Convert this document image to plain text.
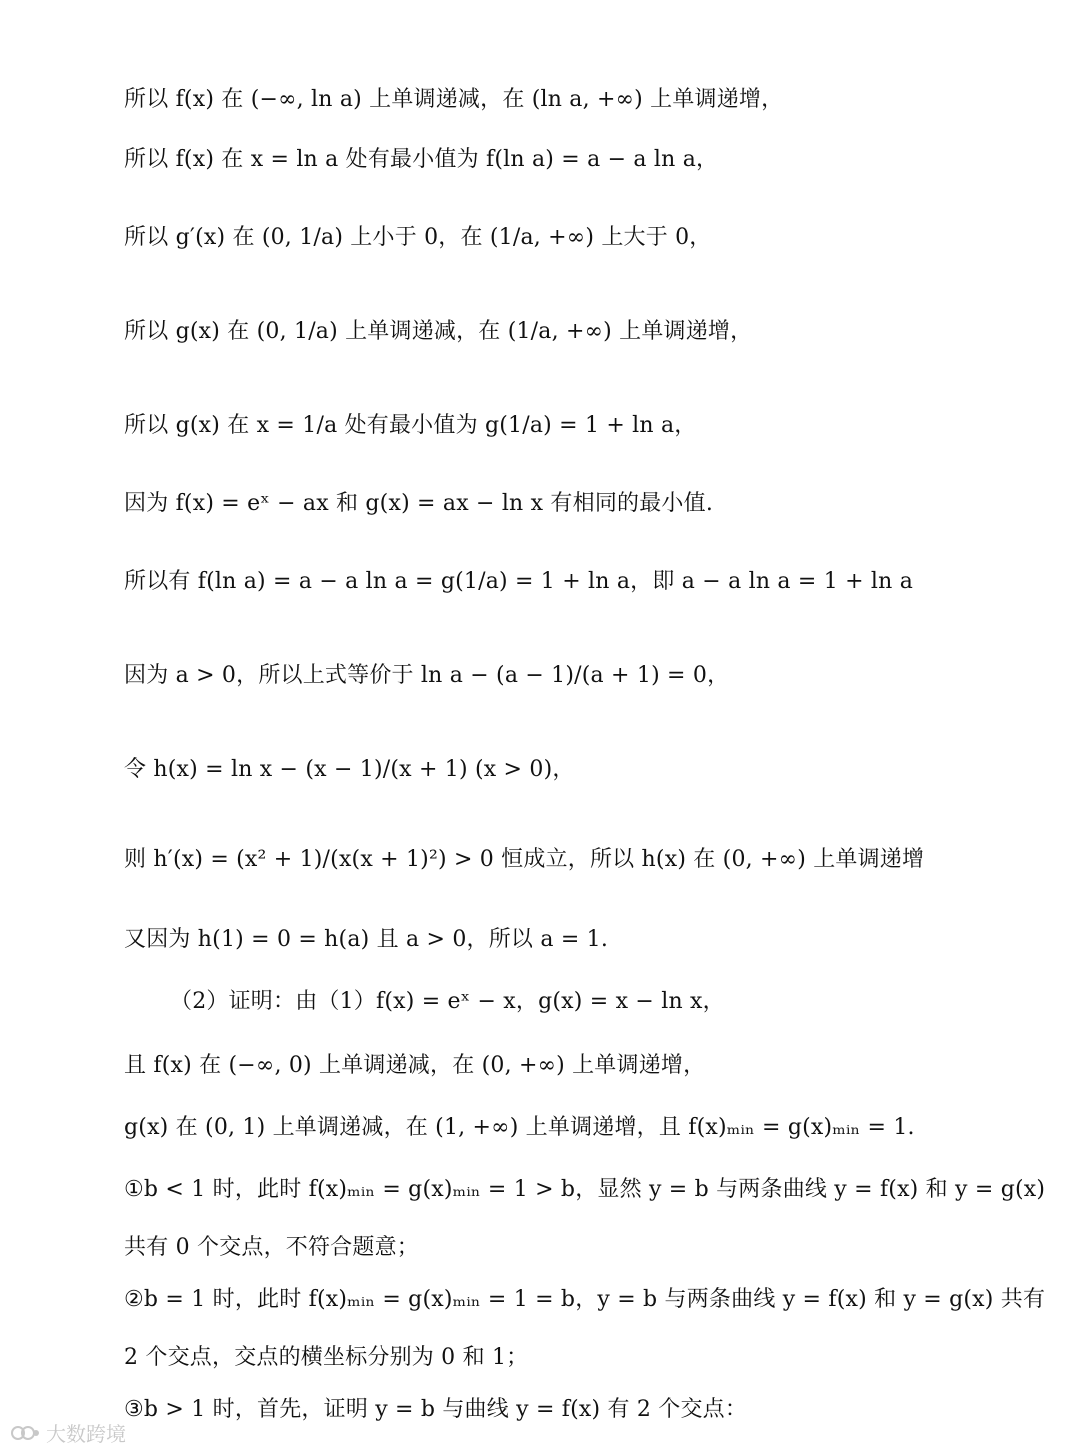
所以 f(x) 在 (−∞, ln a) 上单调递减，在 (ln a, +∞) 上单调递增，
所以 f(x) 在 x = ln a 处有最小值为 f(ln a) = a − a ln a，
所以 g′(x) 在 (0, 1/a) 上小于 0，在 (1/a, +∞) 上大于 0，
所以 g(x) 在 (0, 1/a) 上单调递减，在 (1/a, +∞) 上单调递增，
所以 g(x) 在 x = 1/a 处有最小值为 g(1/a) = 1 + ln a，
因为 f(x) = eˣ − ax 和 g(x) = ax − ln x 有相同的最小值.
所以有 f(ln a) = a − a ln a = g(1/a) = 1 + ln a，即 a − a ln a = 1 + ln a
因为 a > 0，所以上式等价于 ln a − (a − 1)/(a + 1) = 0，
令 h(x) = ln x − (x − 1)/(x + 1) (x > 0)，
则 h′(x) = (x² + 1)/(x(x + 1)²) > 0 恒成立，所以 h(x) 在 (0, +∞) 上单调递增
又因为 h(1) = 0 = h(a) 且 a > 0，所以 a = 1.
（2）证明：由（1）f(x) = eˣ − x，g(x) = x − ln x，
且 f(x) 在 (−∞, 0) 上单调递减，在 (0, +∞) 上单调递增，
g(x) 在 (0, 1) 上单调递减，在 (1, +∞) 上单调递增，且 f(x)ₘᵢₙ = g(x)ₘᵢₙ = 1.
①b < 1 时，此时 f(x)ₘᵢₙ = g(x)ₘᵢₙ = 1 > b，显然 y = b 与两条曲线 y = f(x) 和 y = g(x)
共有 0 个交点，不符合题意；
②b = 1 时，此时 f(x)ₘᵢₙ = g(x)ₘᵢₙ = 1 = b，y = b 与两条曲线 y = f(x) 和 y = g(x) 共有
2 个交点，交点的横坐标分别为 0 和 1；
③b > 1 时，首先，证明 y = b 与曲线 y = f(x) 有 2 个交点：
大数跨境
